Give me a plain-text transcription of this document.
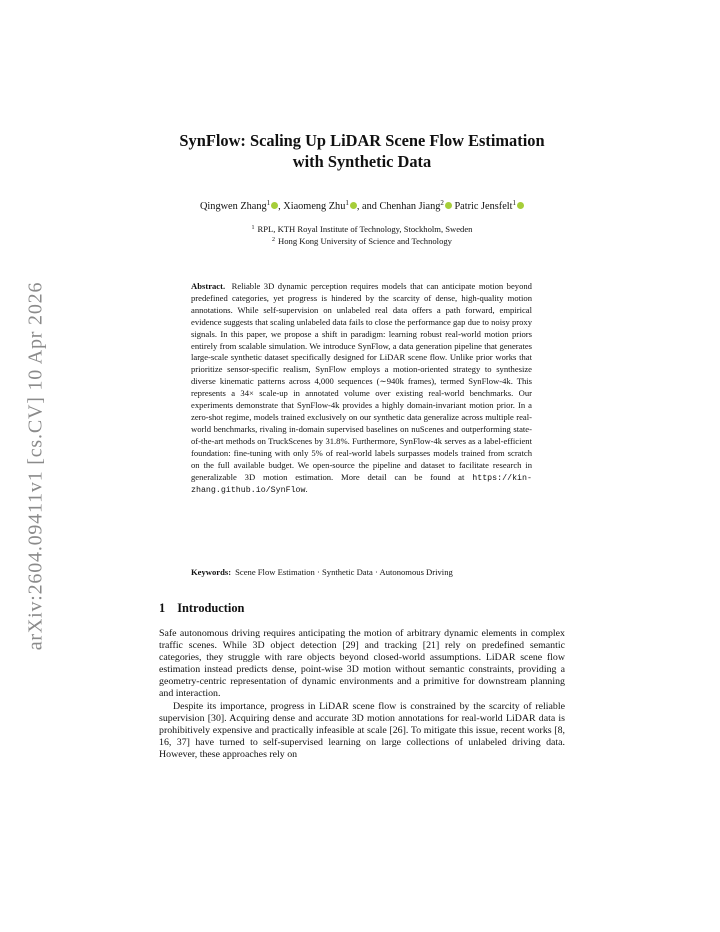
arXiv:2604.09411v1 [cs.CV] 10 Apr 2026
SynFlow: Scaling Up LiDAR Scene Flow Estimation
with Synthetic Data
Qingwen Zhang$^1$ , Xiaomeng Zhu$^1$ , and Chenhan Jiang$^2$ Patric Jensfelt$^1$
$^1$ RPL, KTH Royal Institute of Technology, Stockholm, Sweden
$^2$ Hong Kong University of Science and Technology

Abstract. Reliable 3D dynamic perception requires models that can anticipate motion beyond predefined categories, yet progress is hindered by the scarcity of dense, high-quality motion annotations. While self-supervision on unlabeled real data offers a path forward, empirical evidence suggests that scaling unlabeled data fails to close the performance gap due to noisy proxy signals. In this paper, we propose a shift in paradigm: learning robust real-world motion priors entirely from scalable simulation. We introduce SynFlow, a data generation pipeline that generates large-scale synthetic dataset specifically designed for LiDAR scene flow. Unlike prior works that prioritize sensor-specific realism, SynFlow employs a motion-oriented strategy to synthesize diverse kinematic patterns across 4,000 sequences (∼940k frames), termed SynFlow-4k. This represents a 34× scale-up in annotated volume over existing real-world benchmarks. Our experiments demonstrate that SynFlow-4k provides a highly domain-invariant motion prior. In a zero-shot regime, models trained exclusively on our synthetic data generalize across multiple real-world benchmarks, rivaling in-domain supervised baselines on nuScenes and outperforming state-of-the-art methods on TruckScenes by 31.8%. Furthermore, SynFlow-4k serves as a label-efficient foundation: fine-tuning with only 5% of real-world labels surpasses models trained from scratch on the full available budget. We open-source the pipeline and dataset to facilitate research in generalizable 3D motion estimation. More detail can be found at https://kin-zhang.github.io/SynFlow.

Keywords: Scene Flow Estimation · Synthetic Data · Autonomous Driving

1 Introduction

Safe autonomous driving requires anticipating the motion of arbitrary dynamic elements in complex traffic scenes. While 3D object detection [29] and tracking [21] rely on predefined semantic categories, they struggle with rare objects beyond closed-world assumptions. LiDAR scene flow estimation instead predicts dense, point-wise 3D motion without semantic constraints, providing a geometry-centric representation of dynamic environments and a primitive for downstream planning and interaction.

Despite its importance, progress in LiDAR scene flow is constrained by the scarcity of reliable supervision [30]. Acquiring dense and accurate 3D motion annotations for real-world LiDAR data is prohibitively expensive and practically infeasible at scale [26]. To mitigate this issue, recent works [8, 16, 37] have turned to self-supervised learning on large collections of unlabeled driving data. However, these approaches rely on
